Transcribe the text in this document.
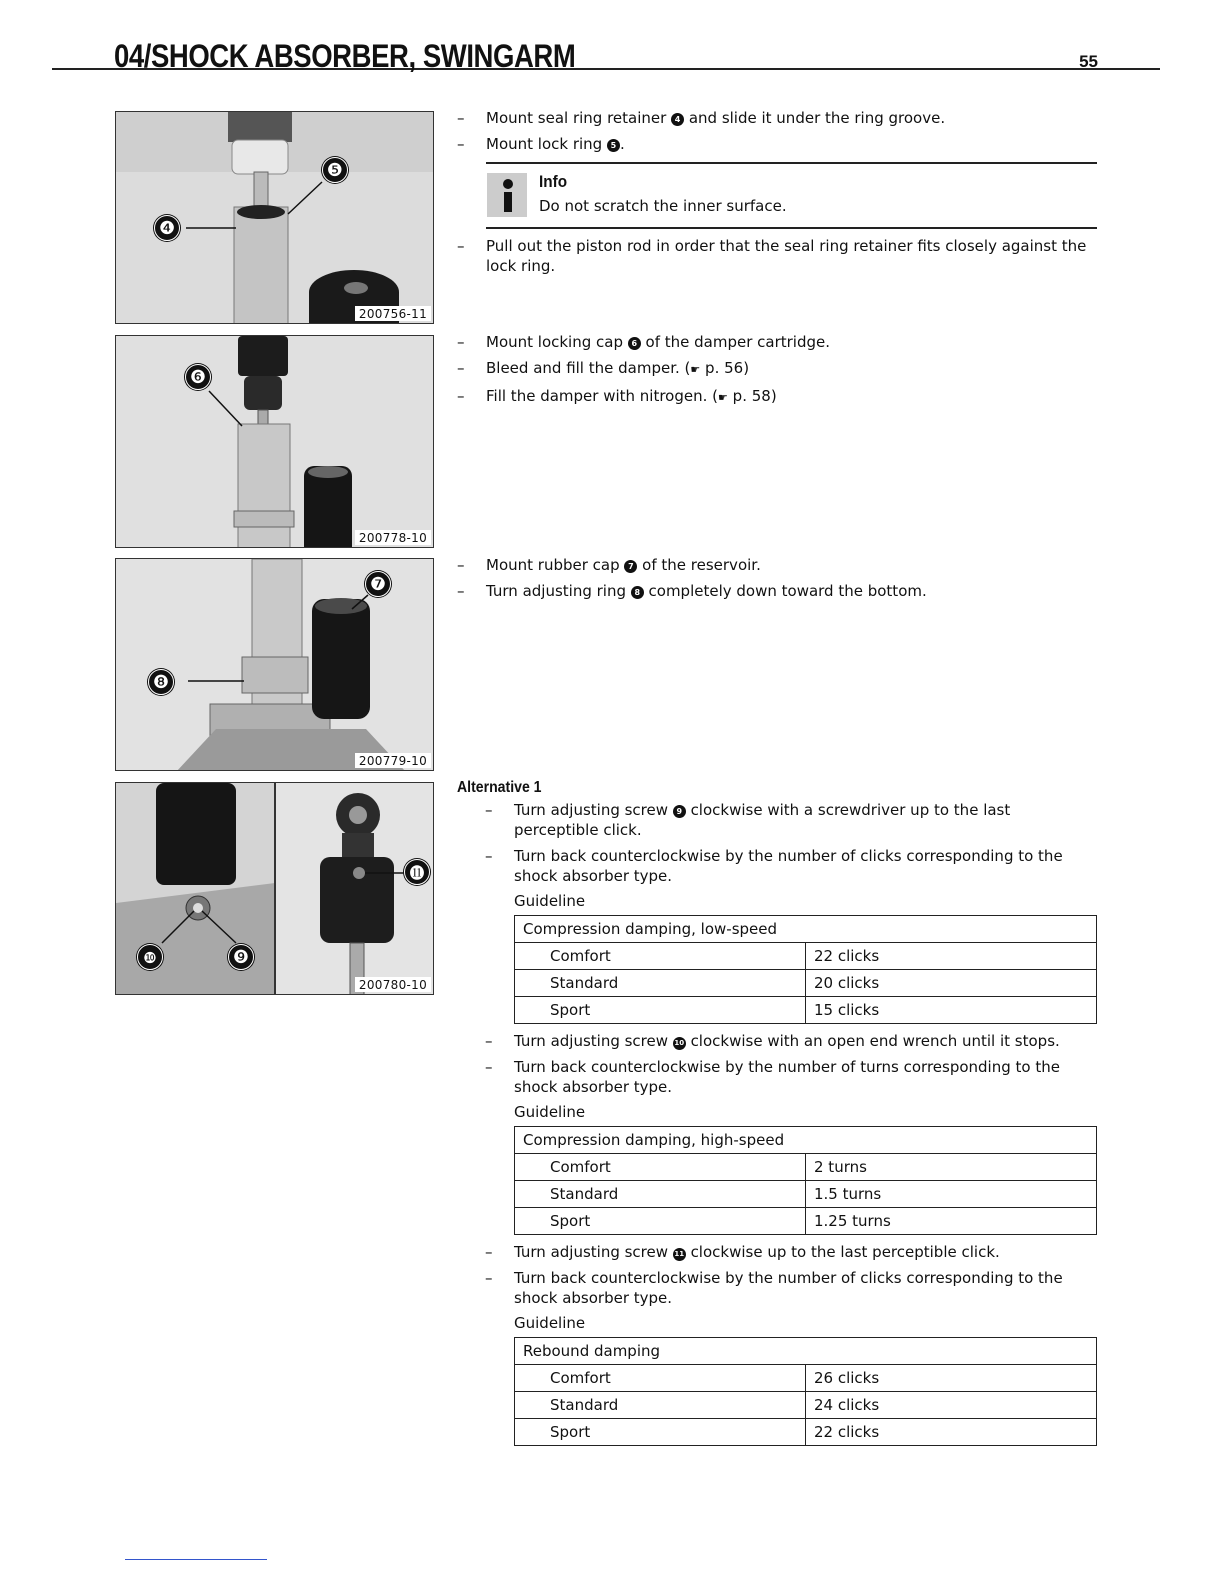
04/SHOCK ABSORBER, SWINGARM	55
❹
❺
200756-11
❻
200778-10
❼
❽
200779-10
❿	❾
⓫
200780-10
– Mount seal ring retainer 4 and slide it under the ring groove.
– Mount lock ring 5 .
Info
Do not scratch the inner surface.
– Pull out the piston rod in order that the seal ring retainer fits closely against the lock ring.
– Mount locking cap 6 of the damper cartridge.
– Bleed and fill the damper. (☛ p. 56)
– Fill the damper with nitrogen. (☛ p. 58)
– Mount rubber cap 7 of the reservoir.
– Turn adjusting ring 8 completely down toward the bottom.
Alternative 1
– Turn adjusting screw 9 clockwise with a screwdriver up to the last perceptible click.
– Turn back counterclockwise by the number of clicks corresponding to the shock absorber type.
Guideline
Compression damping, low-speed	
Comfort	22 clicks
Standard	20 clicks
Sport	15 clicks
– Turn adjusting screw 10 clockwise with an open end wrench until it stops.
– Turn back counterclockwise by the number of turns corresponding to the shock absorber type.
Guideline
Compression damping, high-speed	
Comfort	2 turns
Standard	1.5 turns
Sport	1.25 turns
– Turn adjusting screw 11 clockwise up to the last perceptible click.
– Turn back counterclockwise by the number of clicks corresponding to the shock absorber type.
Guideline
Rebound damping	
Comfort	26 clicks
Standard	24 clicks
Sport	22 clicks
